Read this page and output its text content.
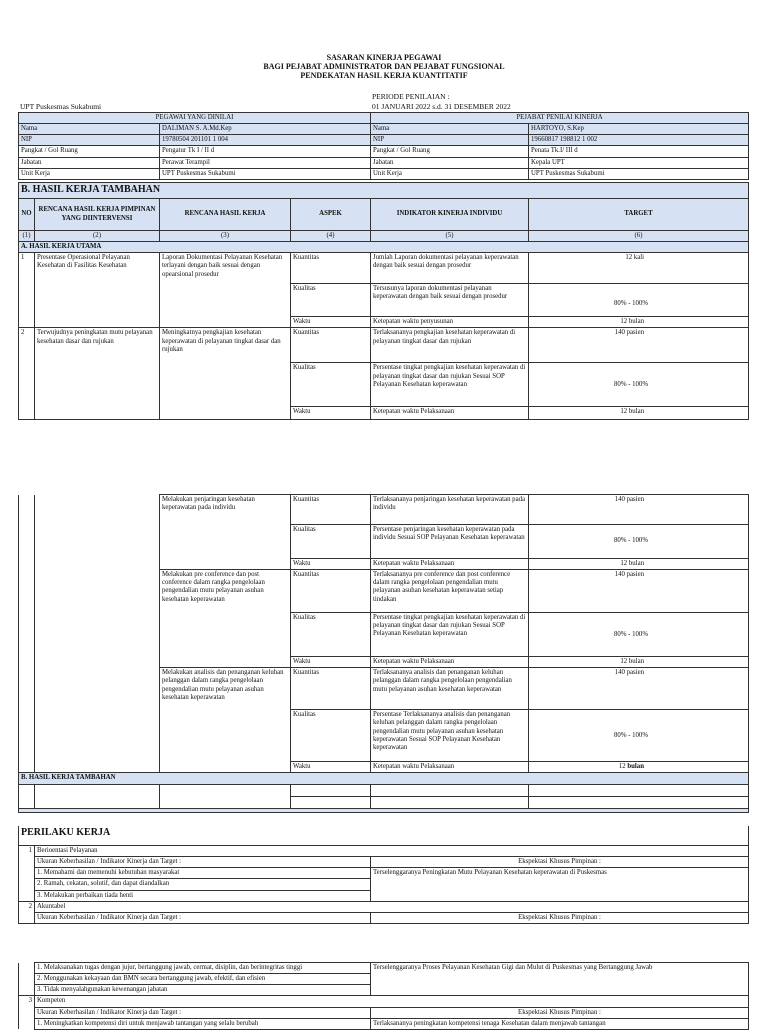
SASARAN KINERJA PEGAWAI
BAGI PEJABAT ADMINISTRATOR DAN PEJABAT FUNGSIONAL
PENDEKATAN HASIL KERJA KUANTITATIF
PERIODE PENILAIAN :
UPT Puskesmas Sukabumi	01 JANUARI 2022 s.d. 31 DESEMBER 2022
PEGAWAI YANG DINILAI		PEJABAT PENILAI KINERJA	
Nama	DALIMAN S. A.Md.Kep	Nama	HARTOYO, S.Kep
NIP	19780504 201101 1 004	NIP	19660817 198812 1 002
Pangkat / Gol Ruang	Pengatur Tk I / II d	Pangkat / Gol Ruang	Penata Tk.I/ III d
Jabatan	Perawat Terampil	Jabatan	Kepala UPT
Unit Kerja	UPT Puskesmas Sukabumi	Unit Kerja	UPT Puskesmas Sukabumi
B. HASIL KERJA TAMBAHAN					
NO	RENCANA HASIL KERJA PIMPINAN YANG DIINTERVENSI	RENCANA HASIL KERJA	ASPEK	INDIKATOR KINERJA INDIVIDU	TARGET
(1)	(2)	(3)	(4)	(5)	(6)
A. HASIL KERJA UTAMA					
1	Presentase Operasional Pelayanan Kesehatan di Fasilitas Kesehatan	Laporan Dokumentasi Pelayanan Kesehatan terlayani dengan baik sesuai dengan opearsional prosedur	Kuantitas	Jumlah Laporan dokumentasi pelayanan keperawatan dengan baik sesuai dengan prosedur	12 kali
			Kualitas	Tersusunya laporan dokumentasi pelayanan keperawatan dengan baik sesuai dengan prosedur	80% - 100%
			Waktu	Ketepatan waktu penyusunan	12 bulan
2	Terwujudnya peningkatan mutu pelayanan kesehatan dasar dan rujukan	Meningkatnya pengkajian kesehatan keperawatan di pelayanan tingkat dasar dan rujukan	Kuantitas	Terlaksananya pengkajian kesehatan keperawatan di pelayanan tingkat dasar dan rujukan	140 pasien
			Kualitas	Persentase tingkat pengkajian kesehatan keperawatan di pelayanan tingkat dasar dan rujukan Sesuai SOP Pelayanan Kesehatan keperawatan	80% - 100%
			Waktu	Ketepatan waktu Pelaksanaan	12 bulan
		Melakukan penjaringan kesehatan keperawatan pada individu	Kuantitas	Terlaksananya penjaringan kesehatan keperawatan pada individu	140 pasien
			Kualitas	Persentase penjaringan kesehatan keperawatan pada individu Sesuai SOP Pelayanan Kesehatan keperawatan	80% - 100%
			Waktu	Ketepatan waktu Pelaksanaan	12 bulan
		Melakukan pre conference dan post conference dalam rangka pengelolaan pengendalian mutu pelayanan asuhan kesehatan keperawatan	Kuantitas	Terlaksananya pre conference dan post conference dalam rangka pengelolaan pengendalian mutu pelayanan asuhan kesehatan keperawatan setiap tindakan	140 pasien
			Kualitas	Persentase tingkat pengkajian kesehatan keperawatan di pelayanan tingkat dasar dan rujukan Sesuai SOP Pelayanan Kesehatan keperawatan	80% - 100%
			Waktu	Ketepatan waktu Pelaksanaan	12 bulan
		Melakukan analisis dan penanganan keluhan pelanggan dalam rangka pengelolaan pengendalian mutu pelayanan asuhan kesehatan keperawatan	Kuantitas	Terlaksananya analisis dan penanganan keluhan pelanggan dalam rangka pengelolaan pengendalian mutu pelayanan asuhan kesehatan keperawatan	140 pasien
			Kualitas	Persentase Terlaksananya analisis dan penanganan keluhan pelanggan dalam rangka pengelolaan pengendalian mutu pelayanan asuhan kesehatan keperawatan Sesuai SOP Pelayanan Kesehatan keperawatan	80% - 100%
			Waktu	Ketepatan waktu Pelaksanaan	12 bulan
B. HASIL KERJA TAMBAHAN					

PERILAKU KERJA		
1	Berioentasi Pelayanan	
	Ukuran Keberhasilan / Indikator Kinerja dan Target :	Ekspektasi Khusus Pimpinan :
	1. Memahami dan memenuhi kebutuhan masyarakat	Terselenggaranya Peningkatan Mutu Pelayanan Kesehatan keperawatan di Puskesmas
	2. Ramah, cekatan, solutif, dan dapat diandalkan	
	3. Melakukan perbaikan tiada henti	
2	Akuntabel	
	Ukuran Keberhasilan / Indikator Kinerja dan Target :	Ekspektasi Khusus Pimpinan :
	1. Melaksanakan tugas dengan jujur, bertanggung jawab, cermat, disiplin, dan berintegritas tinggi	Terselenggaranya Proses Pelayanan Kesehatan Gigi dan Mulut di Puskesmas yang Bertanggung Jawab
	2. Menggunakan kekayaan dan BMN secara bertanggung jawab, efektif, dan efisien	
	3. Tidak menyalahgunakan kewenangan jabatan	
3	Kompeten	
	Ukuran Keberhasilan / Indikator Kinerja dan Target :	Ekspektasi Khusus Pimpinan :
	1. Meningkatkan kompetensi diri untuk menjawab tantangan yang selalu berubah	Terlaksananya peningkatan kompetensi tenaga Kesehatan dalam menjawab tantangan
